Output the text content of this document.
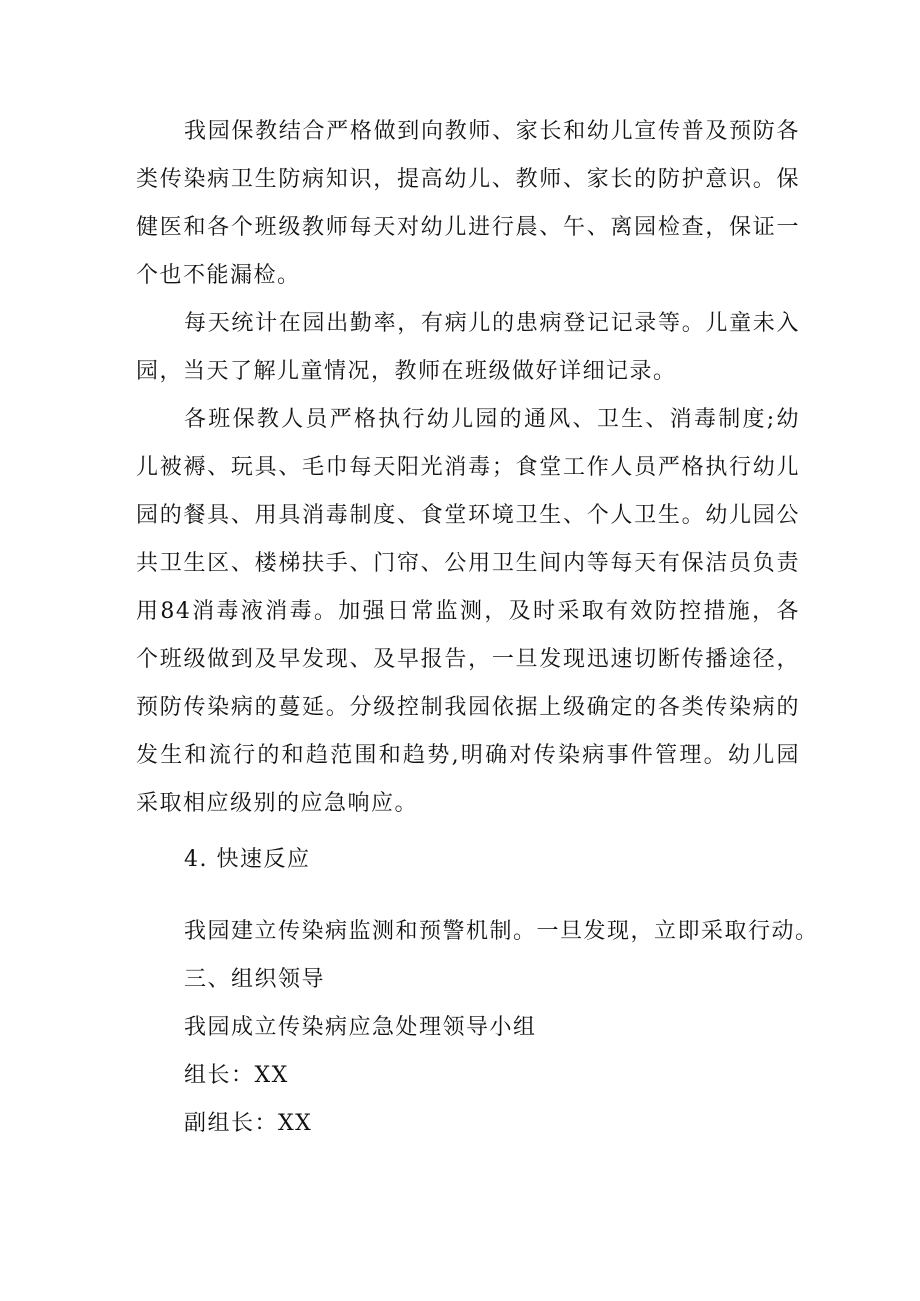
我园保教结合严格做到向教师、家长和幼儿宣传普及预防各类传染病卫生防病知识，提高幼儿、教师、家长的防护意识。保健医和各个班级教师每天对幼儿进行晨、午、离园检查，保证一个也不能漏检。

每天统计在园出勤率，有病儿的患病登记记录等。儿童未入园，当天了解儿童情况，教师在班级做好详细记录。

各班保教人员严格执行幼儿园的通风、卫生、消毒制度;幼儿被褥、玩具、毛巾每天阳光消毒；食堂工作人员严格执行幼儿园的餐具、用具消毒制度、食堂环境卫生、个人卫生。幼儿园公共卫生区、楼梯扶手、门帘、公用卫生间内等每天有保洁员负责用84消毒液消毒。加强日常监测，及时采取有效防控措施，各个班级做到及早发现、及早报告，一旦发现迅速切断传播途径，预防传染病的蔓延。分级控制我园依据上级确定的各类传染病的发生和流行的和趋范围和趋势,明确对传染病事件管理。幼儿园采取相应级别的应急响应。

4. 快速反应

我园建立传染病监测和预警机制。一旦发现，立即采取行动。

三、组织领导

我园成立传染病应急处理领导小组

组长：XX

副组长：XX
